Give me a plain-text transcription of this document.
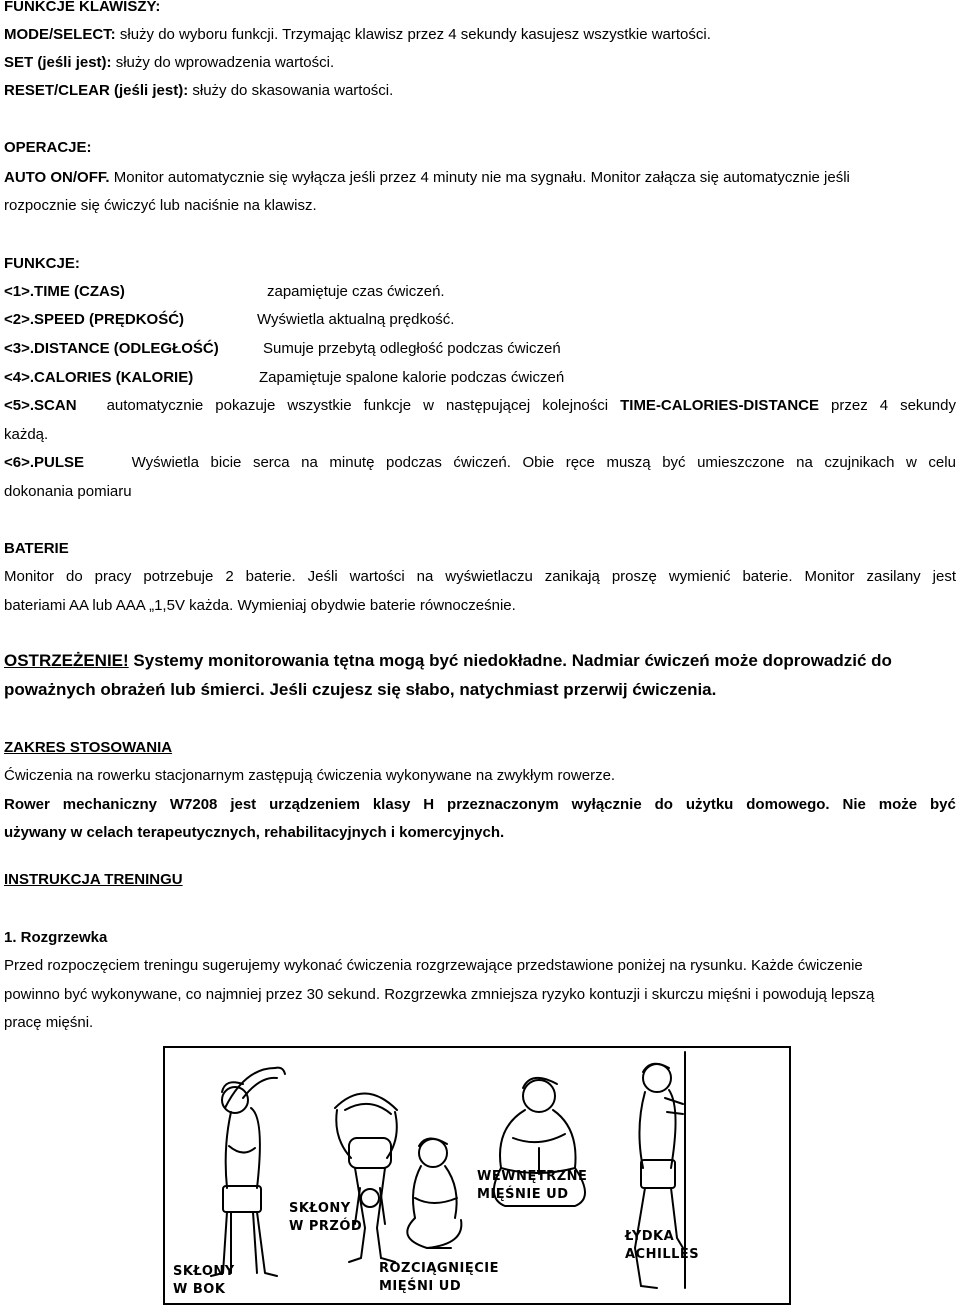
FUNKCJE KLAWISZY:
MODE/SELECT: służy do wyboru funkcji. Trzymając klawisz przez 4 sekundy kasujesz wszystkie wartości.
SET (jeśli jest): służy do wprowadzenia wartości.
RESET/CLEAR (jeśli jest): służy do skasowania wartości.
OPERACJE:
AUTO ON/OFF. Monitor automatycznie się wyłącza jeśli przez 4 minuty nie ma sygnału. Monitor załącza się automatycznie jeśli
rozpocznie się ćwiczyć lub naciśnie na klawisz.
FUNKCJE:
<1>.TIME (CZAS)	zapamiętuje czas ćwiczeń.
<2>.SPEED (PRĘDKOŚĆ)	Wyświetla aktualną prędkość.
<3>.DISTANCE (ODLEGŁOŚĆ)	Sumuje przebytą odległość podczas ćwiczeń
<4>.CALORIES (KALORIE)	Zapamiętuje spalone kalorie podczas ćwiczeń
<5>.SCAN automatycznie pokazuje wszystkie funkcje w następującej kolejności TIME-CALORIES-DISTANCE przez 4 sekundy
każdą.
<6>.PULSE	Wyświetla bicie serca na minutę podczas ćwiczeń. Obie ręce muszą być umieszczone na czujnikach w celu
dokonania pomiaru
BATERIE
Monitor do pracy potrzebuje 2 baterie. Jeśli wartości na wyświetlaczu zanikają proszę wymienić baterie. Monitor zasilany jest
bateriami AA lub AAA „1,5V każda. Wymieniaj obydwie baterie równocześnie.
OSTRZEŻENIE! Systemy monitorowania tętna mogą być niedokładne. Nadmiar ćwiczeń może doprowadzić do
poważnych obrażeń lub śmierci. Jeśli czujesz się słabo, natychmiast przerwij ćwiczenia.
ZAKRES STOSOWANIA
Ćwiczenia na rowerku stacjonarnym zastępują ćwiczenia wykonywane na zwykłym rowerze.
Rower mechaniczny W7208 jest urządzeniem klasy H przeznaczonym wyłącznie do użytku domowego. Nie może być
używany w celach terapeutycznych, rehabilitacyjnych i komercyjnych.
INSTRUKCJA TRENINGU
1. Rozgrzewka
Przed rozpoczęciem treningu sugerujemy wykonać ćwiczenia rozgrzewające przedstawione poniżej na rysunku. Każde ćwiczenie
powinno być wykonywane, co najmniej przez 30 sekund. Rozgrzewka zmniejsza ryzyko kontuzji i skurczu mięśni i powodują lepszą
pracę mięśni.
SKŁONY
W BOK
SKŁONY
W PRZÓD
ROZCIĄGNIĘCIE
MIĘŚNI UD
WEWNĘTRZNE
MIĘŚNIE UD
ŁYDKA
ACHILLES
